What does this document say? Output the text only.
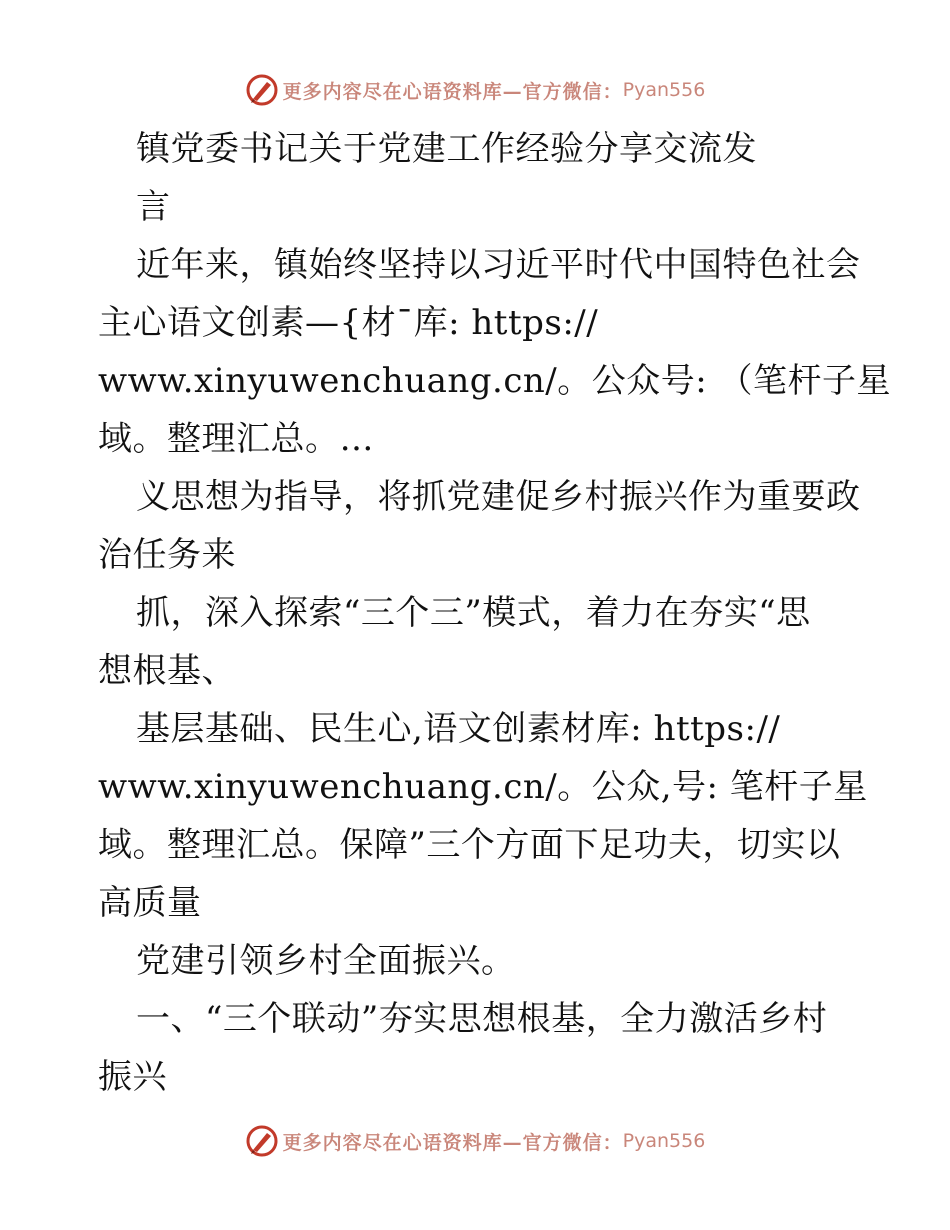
更多内容尽在心语资料库—官方微信： Pyan556
镇党委书记关于党建工作经验分享交流发
言
近年来，镇始终坚持以习近平时代中国特色社会
主心语文创素—{材¯库: https://
www.xinyuwenchuang.cn/。公众号: （笔杆子星
域。整理汇总。…
义思想为指导，将抓党建促乡村振兴作为重要政
治任务来
抓，深入探索“三个三”模式，着力在夯实“思
想根基、
基层基础、民生心,语文创素材库: https://
www.xinyuwenchuang.cn/。公众,号: 笔杆子星
域。整理汇总。保障”三个方面下足功夫，切实以
高质量
党建引领乡村全面振兴。
一、“三个联动”夯实思想根基，全力激活乡村
振兴
更多内容尽在心语资料库—官方微信： Pyan556
